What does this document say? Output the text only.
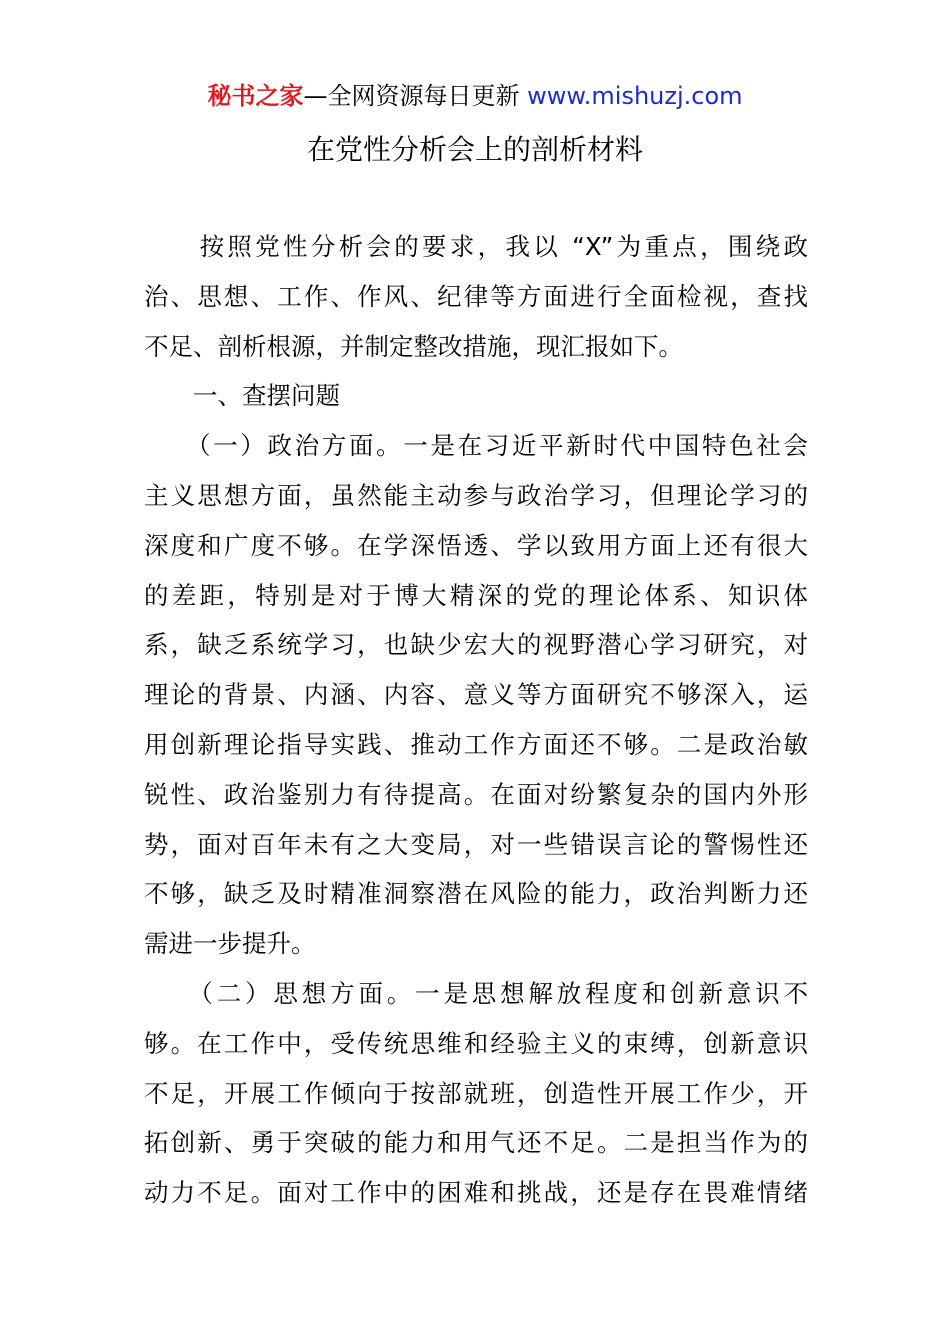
秘书之家—全网资源每日更新 www.mishuzj.com
在党性分析会上的剖析材料
　　按照党性分析会的要求，我以 “X”为重点，围绕政
治、思想、工作、作风、纪律等方面进行全面检视，查找
不足、剖析根源，并制定整改措施，现汇报如下。
　　一、查摆问题
　　（一）政治方面。一是在习近平新时代中国特色社会
主义思想方面，虽然能主动参与政治学习，但理论学习的
深度和广度不够。在学深悟透、学以致用方面上还有很大
的差距，特别是对于博大精深的党的理论体系、知识体
系，缺乏系统学习，也缺少宏大的视野潜心学习研究，对
理论的背景、内涵、内容、意义等方面研究不够深入，运
用创新理论指导实践、推动工作方面还不够。二是政治敏
锐性、政治鉴别力有待提高。在面对纷繁复杂的国内外形
势，面对百年未有之大变局，对一些错误言论的警惕性还
不够，缺乏及时精准洞察潜在风险的能力，政治判断力还
需进一步提升。
　　（二）思想方面。一是思想解放程度和创新意识不
够。在工作中，受传统思维和经验主义的束缚，创新意识
不足，开展工作倾向于按部就班，创造性开展工作少，开
拓创新、勇于突破的能力和用气还不足。二是担当作为的
动力不足。面对工作中的困难和挑战，还是存在畏难情绪
